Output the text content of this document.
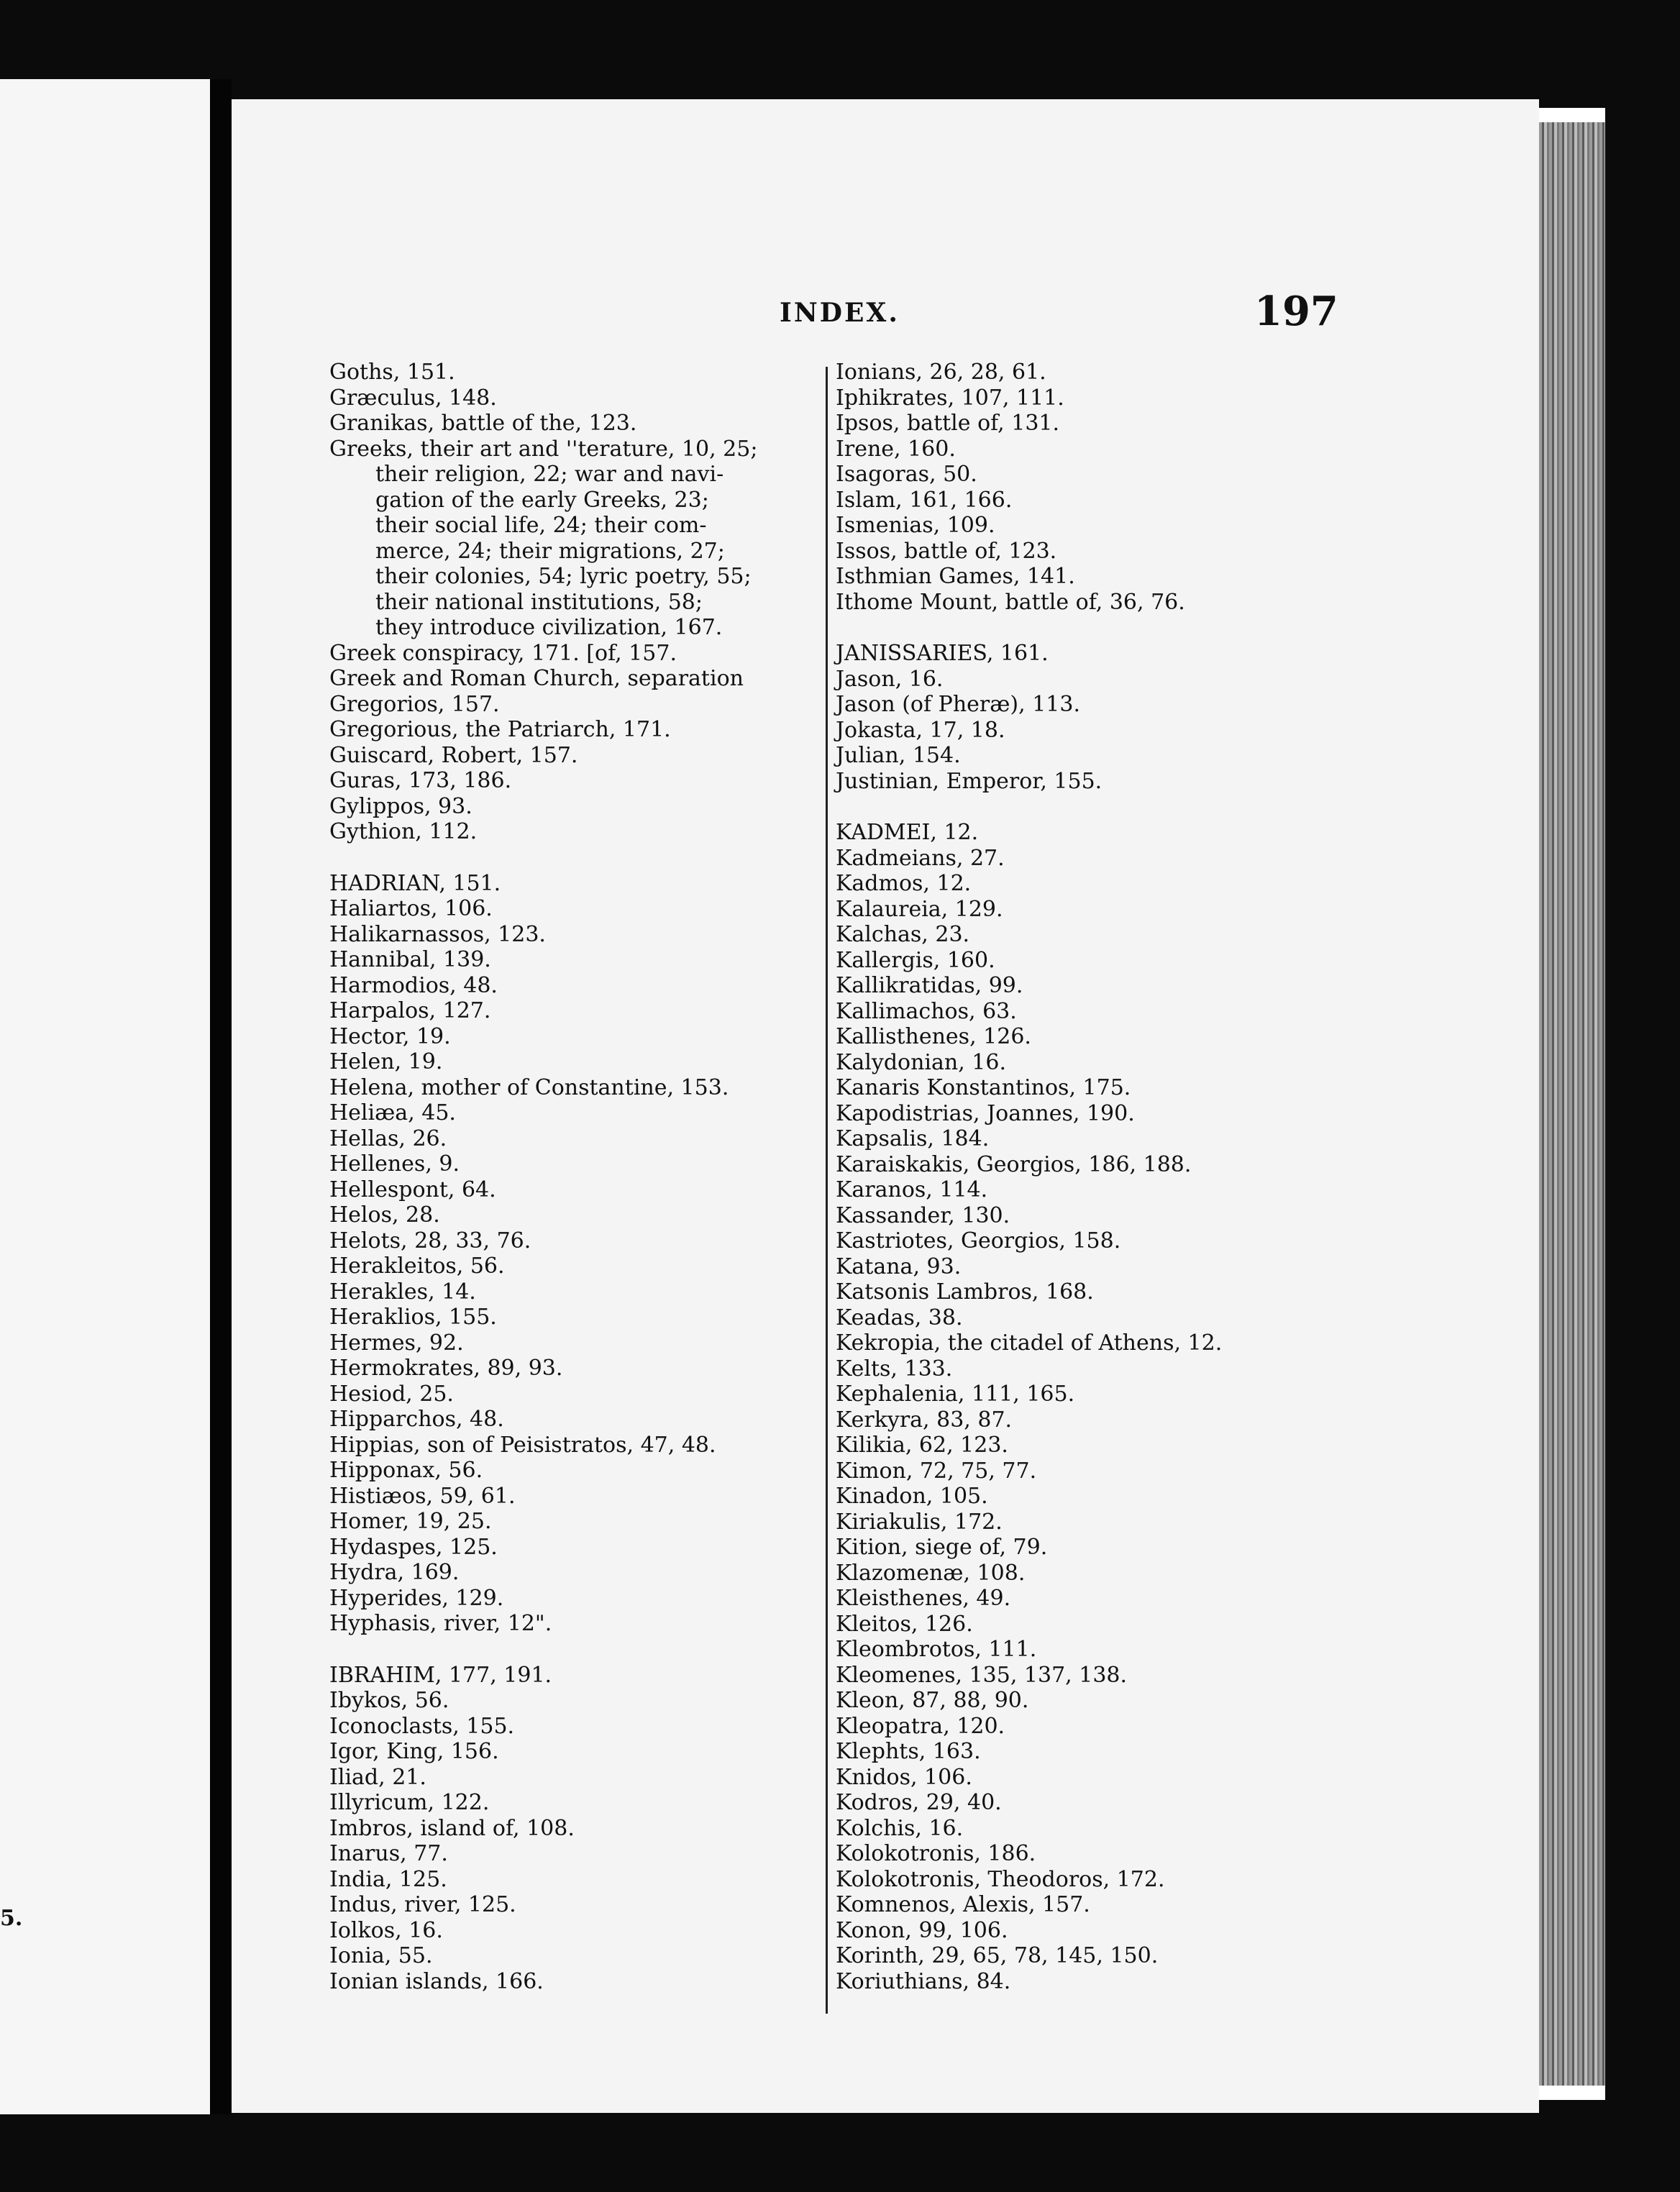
5.
INDEX.	197
Goths, 151.
Græculus, 148.
Granikas, battle of the, 123.
Greeks, their art and ''terature, 10, 25;
their religion, 22; war and navi-
gation of the early Greeks, 23;
their social life, 24; their com-
merce, 24; their migrations, 27;
their colonies, 54; lyric poetry, 55;
their national institutions, 58;
they introduce civilization, 167.
Greek conspiracy, 171. [of, 157.
Greek and Roman Church, separation
Gregorios, 157.
Gregorious, the Patriarch, 171.
Guiscard, Robert, 157.
Guras, 173, 186.
Gylippos, 93.
Gythion, 112.
HADRIAN, 151.
Haliartos, 106.
Halikarnassos, 123.
Hannibal, 139.
Harmodios, 48.
Harpalos, 127.
Hector, 19.
Helen, 19.
Helena, mother of Constantine, 153.
Heliæa, 45.
Hellas, 26.
Hellenes, 9.
Hellespont, 64.
Helos, 28.
Helots, 28, 33, 76.
Herakleitos, 56.
Herakles, 14.
Heraklios, 155.
Hermes, 92.
Hermokrates, 89, 93.
Hesiod, 25.
Hipparchos, 48.
Hippias, son of Peisistratos, 47, 48.
Hipponax, 56.
Histiæos, 59, 61.
Homer, 19, 25.
Hydaspes, 125.
Hydra, 169.
Hyperides, 129.
Hyphasis, river, 12".
IBRAHIM, 177, 191.
Ibykos, 56.
Iconoclasts, 155.
Igor, King, 156.
Iliad, 21.
Illyricum, 122.
Imbros, island of, 108.
Inarus, 77.
India, 125.
Indus, river, 125.
Iolkos, 16.
Ionia, 55.
Ionian islands, 166.
Ionians, 26, 28, 61.
Iphikrates, 107, 111.
Ipsos, battle of, 131.
Irene, 160.
Isagoras, 50.
Islam, 161, 166.
Ismenias, 109.
Issos, battle of, 123.
Isthmian Games, 141.
Ithome Mount, battle of, 36, 76.
JANISSARIES, 161.
Jason, 16.
Jason (of Pheræ), 113.
Jokasta, 17, 18.
Julian, 154.
Justinian, Emperor, 155.
KADMEI, 12.
Kadmeians, 27.
Kadmos, 12.
Kalaureia, 129.
Kalchas, 23.
Kallergis, 160.
Kallikratidas, 99.
Kallimachos, 63.
Kallisthenes, 126.
Kalydonian, 16.
Kanaris Konstantinos, 175.
Kapodistrias, Joannes, 190.
Kapsalis, 184.
Karaiskakis, Georgios, 186, 188.
Karanos, 114.
Kassander, 130.
Kastriotes, Georgios, 158.
Katana, 93.
Katsonis Lambros, 168.
Keadas, 38.
Kekropia, the citadel of Athens, 12.
Kelts, 133.
Kephalenia, 111, 165.
Kerkyra, 83, 87.
Kilikia, 62, 123.
Kimon, 72, 75, 77.
Kinadon, 105.
Kiriakulis, 172.
Kition, siege of, 79.
Klazomenæ, 108.
Kleisthenes, 49.
Kleitos, 126.
Kleombrotos, 111.
Kleomenes, 135, 137, 138.
Kleon, 87, 88, 90.
Kleopatra, 120.
Klephts, 163.
Knidos, 106.
Kodros, 29, 40.
Kolchis, 16.
Kolokotronis, 186.
Kolokotronis, Theodoros, 172.
Komnenos, Alexis, 157.
Konon, 99, 106.
Korinth, 29, 65, 78, 145, 150.
Koriuthians, 84.
